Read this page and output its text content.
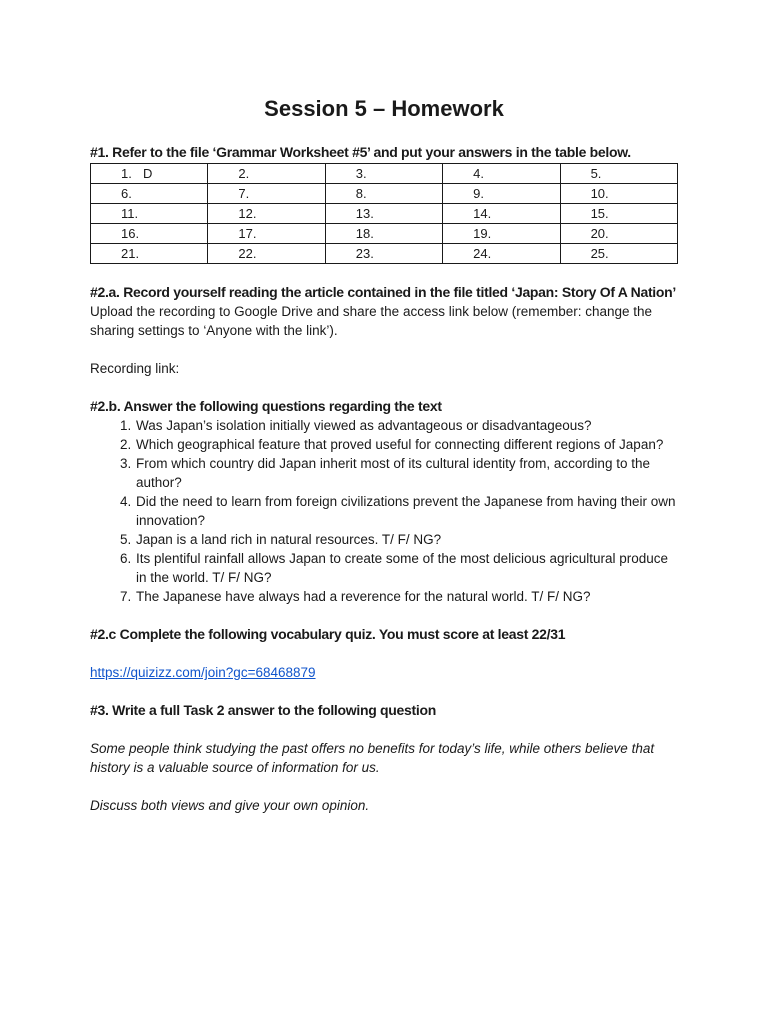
Session 5 – Homework

#1. Refer to the file ‘Grammar Worksheet #5’ and put your answers in the table below.

1. D	2.	3.	4.	5.
6.	7.	8.	9.	10.
11.	12.	13.	14.	15.
16.	17.	18.	19.	20.
21.	22.	23.	24.	25.

#2.a. Record yourself reading the article contained in the file titled ‘Japan: Story Of A Nation’

Upload the recording to Google Drive and share the access link below (remember: change the sharing settings to ‘Anyone with the link’).

Recording link:

#2.b. Answer the following questions regarding the text

1. Was Japan’s isolation initially viewed as advantageous or disadvantageous?
2. Which geographical feature that proved useful for connecting different regions of Japan?
3. From which country did Japan inherit most of its cultural identity from, according to the author?
4. Did the need to learn from foreign civilizations prevent the Japanese from having their own innovation?
5. Japan is a land rich in natural resources. T/ F/ NG?
6. Its plentiful rainfall allows Japan to create some of the most delicious agricultural produce in the world. T/ F/ NG?
7. The Japanese have always had a reverence for the natural world. T/ F/ NG?

#2.c Complete the following vocabulary quiz. You must score at least 22/31

https://quizizz.com/join?gc=68468879

#3. Write a full Task 2 answer to the following question

Some people think studying the past offers no benefits for today’s life, while others believe that history is a valuable source of information for us.

Discuss both views and give your own opinion.
